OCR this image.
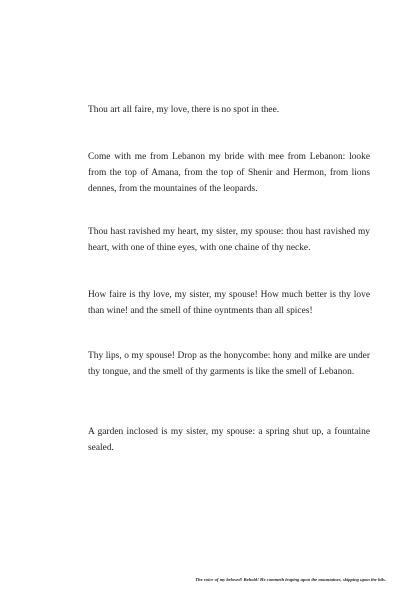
Thou art all faire, my love, there is no spot in thee.

Come with me from Lebanon my bride with mee from Lebanon: looke from the top of Amana, from the top of Shenir and Hermon, from lions dennes, from the mountaines of the leopards.

Thou hast ravished my heart, my sister, my spouse: thou hast ravished my heart, with one of thine eyes, with one chaine of thy necke.

How faire is thy love, my sister, my spouse! How much better is thy love than wine! and the smell of thine oyntments than all spices!

Thy lips, o my spouse! Drop as the honycombe: hony and milke are under thy tongue, and the smell of thy garments is like the smell of Lebanon.

A garden inclosed is my sister, my spouse: a spring shut up, a fountaine sealed.

The voice of my beloved! Behold! He commeth leaping upon the mountaines, skipping upon the hils.
